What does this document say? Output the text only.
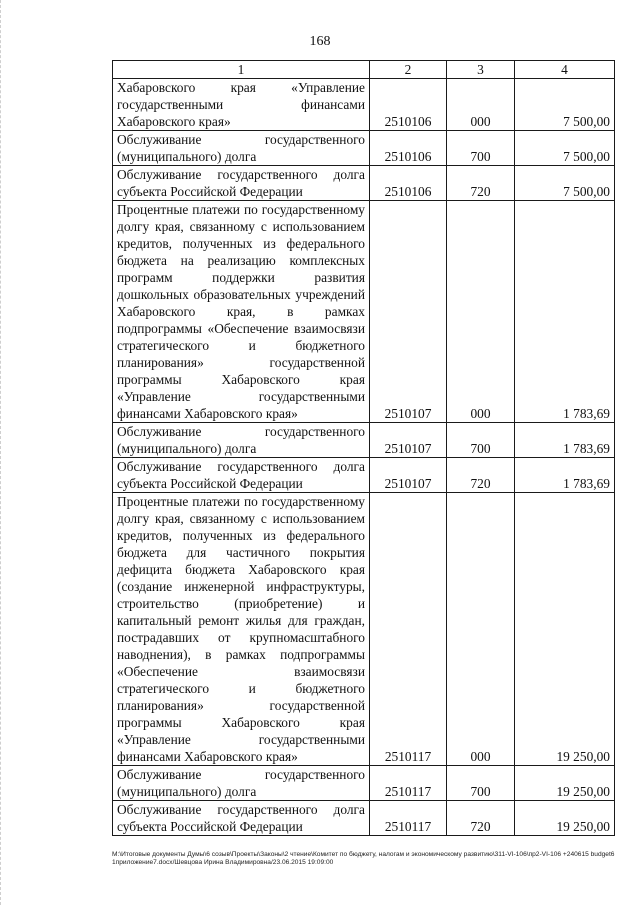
168
1	2	3	4
Хабаровского края «Управление государственными финансами Хабаровского края»	2510106	000	7 500,00
Обслуживание государственного (муниципального) долга	2510106	700	7 500,00
Обслуживание государственного долга субъекта Российской Федерации	2510106	720	7 500,00
Процентные платежи по государственному долгу края, связанному с использованием кредитов, полученных из федерального бюджета на реализацию комплексных программ поддержки развития дошкольных образовательных учреждений Хабаровского края, в рамках подпрограммы «Обеспечение взаимосвязи стратегического и бюджетного планирования» государственной программы Хабаровского края «Управление государственными финансами Хабаровского края»	2510107	000	1 783,69
Обслуживание государственного (муниципального) долга	2510107	700	1 783,69
Обслуживание государственного долга субъекта Российской Федерации	2510107	720	1 783,69
Процентные платежи по государственному долгу края, связанному с использованием кредитов, полученных из федерального бюджета для частичного покрытия дефицита бюджета Хабаровского края (создание инженерной инфраструктуры, строительство (приобретение) и капитальный ремонт жилья для граждан, пострадавших от крупномасштабного наводнения), в рамках подпрограммы «Обеспечение взаимосвязи стратегического и бюджетного планирования» государственной программы Хабаровского края «Управление государственными финансами Хабаровского края»	2510117	000	19 250,00
Обслуживание государственного (муниципального) долга	2510117	700	19 250,00
Обслуживание государственного долга субъекта Российской Федерации	2510117	720	19 250,00
M:\Итоговые документы Думы\6 созыв\Проекты\Законы\2 чтение\Комитет по бюджету, налогам и экономическому развитию\311-VI-106\пр2-VI-106 +240615 budget61приложение7.docx/Шевцова Ирина Владимировна/23.06.2015 19:09:00
